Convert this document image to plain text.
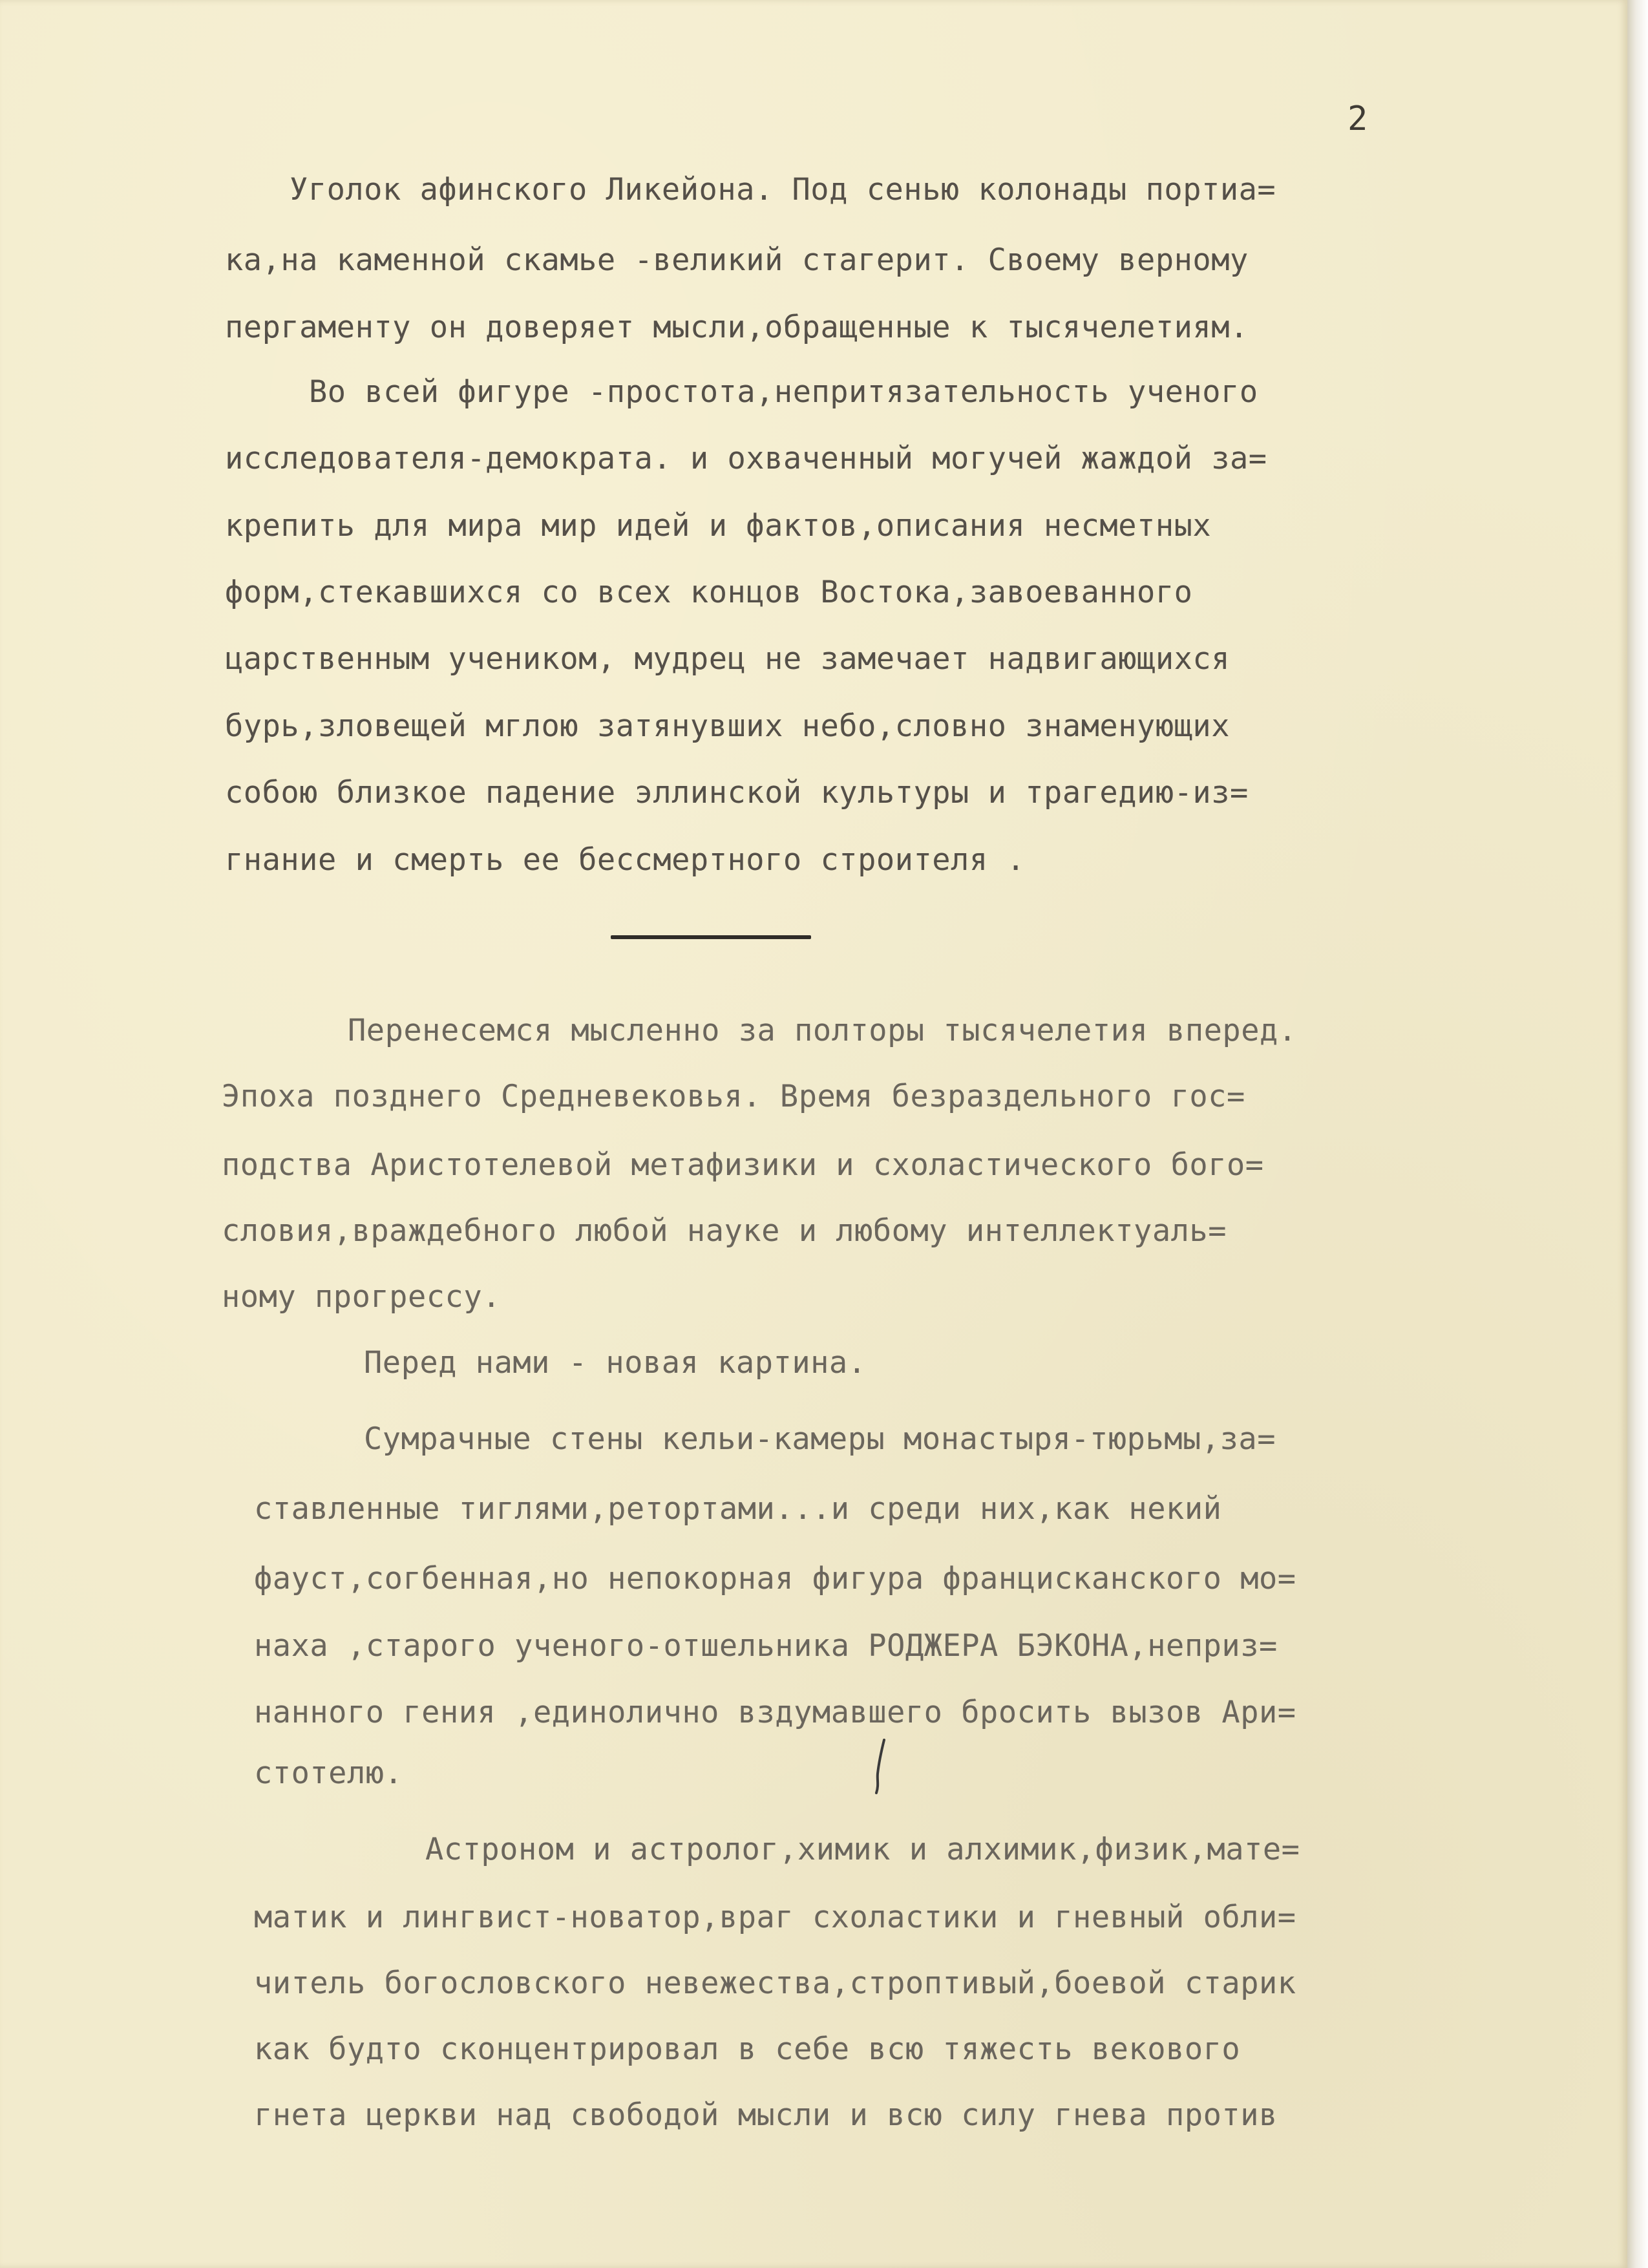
2
Уголок афинского Ликейона. Под сенью колонады портиа=
ка,на каменной скамье -великий стагерит. Своему верному
пергаменту он доверяет мысли,обращенные к тысячелетиям.
Во всей фигуре -простота,непритязательность ученого
исследователя-демократа. и охваченный могучей жаждой за=
крепить для мира мир идей и фактов,описания несметных
форм,стекавшихся со всех концов Востока,завоеванного
царственным учеником, мудрец не замечает надвигающихся
бурь,зловещей мглою затянувших небо,словно знаменующих
собою близкое падение эллинской культуры и трагедию-из=
гнание и смерть ее бессмертного строителя .
Перенесемся мысленно за полторы тысячелетия вперед.
Эпоха позднего Средневековья. Время безраздельного гос=
подства Аристотелевой метафизики и схоластического бого=
словия,враждебного любой науке и любому интеллектуаль=
ному прогрессу.
Перед нами - новая картина.
Сумрачные стены кельи-камеры монастыря-тюрьмы,за=
ставленные тиглями,ретортами...и среди них,как некий
фауст,согбенная,но непокорная фигура францисканского мо=
наха ,старого ученого-отшельника РОДЖЕРА БЭКОНА,неприз=
нанного гения ,единолично вздумавшего бросить вызов Ари=
стотелю.
Астроном и астролог,химик и алхимик,физик,мате=
матик и лингвист-новатор,враг схоластики и гневный обли=
читель богословского невежества,строптивый,боевой старик
как будто сконцентрировал в себе всю тяжесть векового
гнета церкви над свободой мысли и всю силу гнева против
